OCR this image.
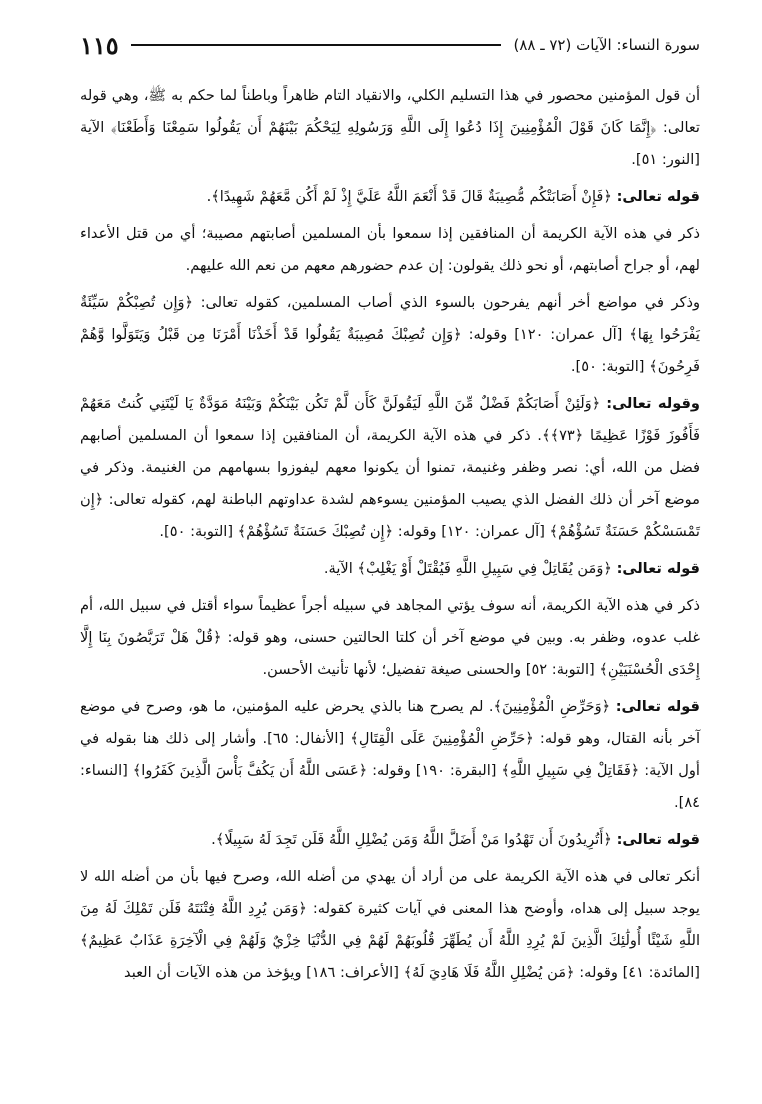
سورة النساء: الآيات (٧٢ ـ ٨٨)
١١٥

أن قول المؤمنين محصور في هذا التسليم الكلي، والانقياد التام ظاهراً وباطناً لما حكم به ﷺ، وهي قوله تعالى: ﴿إِنَّمَا كَانَ قَوْلَ الْمُؤْمِنِينَ إِذَا دُعُوا إِلَى اللَّهِ وَرَسُولِهِ لِيَحْكُمَ بَيْنَهُمْ أَن يَقُولُوا سَمِعْنَا وَأَطَعْنَا﴾ الآية [النور: ٥١].

قوله تعالى: ﴿فَإِنْ أَصَابَتْكُم مُّصِيبَةٌ قَالَ قَدْ أَنْعَمَ اللَّهُ عَلَيَّ إِذْ لَمْ أَكُن مَّعَهُمْ شَهِيدًا﴾.

ذكر في هذه الآية الكريمة أن المنافقين إذا سمعوا بأن المسلمين أصابتهم مصيبة؛ أي من قتل الأعداء لهم، أو جراح أصابتهم، أو نحو ذلك يقولون: إن عدم حضورهم معهم من نعم الله عليهم.

وذكر في مواضع أخر أنهم يفرحون بالسوء الذي أصاب المسلمين، كقوله تعالى: ﴿وَإِن تُصِبْكُمْ سَيِّئَةٌ يَفْرَحُوا بِهَا﴾ [آل عمران: ١٢٠] وقوله: ﴿وَإِن تُصِبْكَ مُصِيبَةٌ يَقُولُوا قَدْ أَخَذْنَا أَمْرَنَا مِن قَبْلُ وَيَتَوَلَّوا وَّهُمْ فَرِحُونَ﴾ [التوبة: ٥٠].

وقوله تعالى: ﴿وَلَئِنْ أَصَابَكُمْ فَضْلٌ مِّنَ اللَّهِ لَيَقُولَنَّ كَأَن لَّمْ تَكُن بَيْنَكُمْ وَبَيْنَهُ مَوَدَّةٌ يَا لَيْتَنِي كُنتُ مَعَهُمْ فَأَفُوزَ فَوْزًا عَظِيمًا ﴿٧٣﴾﴾. ذكر في هذه الآية الكريمة، أن المنافقين إذا سمعوا أن المسلمين أصابهم فضل من الله، أي: نصر وظفر وغنيمة، تمنوا أن يكونوا معهم ليفوزوا بسهامهم من الغنيمة. وذكر في موضع آخر أن ذلك الفضل الذي يصيب المؤمنين يسوءهم لشدة عداوتهم الباطنة لهم، كقوله تعالى: ﴿إِن تَمْسَسْكُمْ حَسَنَةٌ تَسُؤْهُمْ﴾ [آل عمران: ١٢٠] وقوله: ﴿إِن تُصِبْكَ حَسَنَةٌ تَسُؤْهُمْ﴾ [التوبة: ٥٠].

قوله تعالى: ﴿وَمَن يُقَاتِلْ فِي سَبِيلِ اللَّهِ فَيُقْتَلْ أَوْ يَغْلِبْ﴾ الآية.

ذكر في هذه الآية الكريمة، أنه سوف يؤتي المجاهد في سبيله أجراً عظيماً سواء أقتل في سبيل الله، أم غلب عدوه، وظفر به. وبين في موضع آخر أن كلتا الحالتين حسنى، وهو قوله: ﴿قُلْ هَلْ تَرَبَّصُونَ بِنَا إِلَّا إِحْدَى الْحُسْنَيَيْنِ﴾ [التوبة: ٥٢] والحسنى صيغة تفضيل؛ لأنها تأنيث الأحسن.

قوله تعالى: ﴿وَحَرِّضِ الْمُؤْمِنِينَ﴾. لم يصرح هنا بالذي يحرض عليه المؤمنين، ما هو، وصرح في موضع آخر بأنه القتال، وهو قوله: ﴿حَرِّضِ الْمُؤْمِنِينَ عَلَى الْقِتَالِ﴾ [الأنفال: ٦٥]. وأشار إلى ذلك هنا بقوله في أول الآية: ﴿فَقَاتِلْ فِي سَبِيلِ اللَّهِ﴾ [البقرة: ١٩٠] وقوله: ﴿عَسَى اللَّهُ أَن يَكُفَّ بَأْسَ الَّذِينَ كَفَرُوا﴾ [النساء: ٨٤].

قوله تعالى: ﴿أَتُرِيدُونَ أَن تَهْدُوا مَنْ أَضَلَّ اللَّهُ وَمَن يُضْلِلِ اللَّهُ فَلَن تَجِدَ لَهُ سَبِيلًا﴾.

أنكر تعالى في هذه الآية الكريمة على من أراد أن يهدي من أضله الله، وصرح فيها بأن من أضله الله لا يوجد سبيل إلى هداه، وأوضح هذا المعنى في آيات كثيرة كقوله: ﴿وَمَن يُرِدِ اللَّهُ فِتْنَتَهُ فَلَن تَمْلِكَ لَهُ مِنَ اللَّهِ شَيْئًا أُولَٰئِكَ الَّذِينَ لَمْ يُرِدِ اللَّهُ أَن يُطَهِّرَ قُلُوبَهُمْ لَهُمْ فِي الدُّنْيَا خِزْيٌ وَلَهُمْ فِي الْآخِرَةِ عَذَابٌ عَظِيمٌ﴾ [المائدة: ٤١] وقوله: ﴿مَن يُضْلِلِ اللَّهُ فَلَا هَادِيَ لَهُ﴾ [الأعراف: ١٨٦] ويؤخذ من هذه الآيات أن العبد
